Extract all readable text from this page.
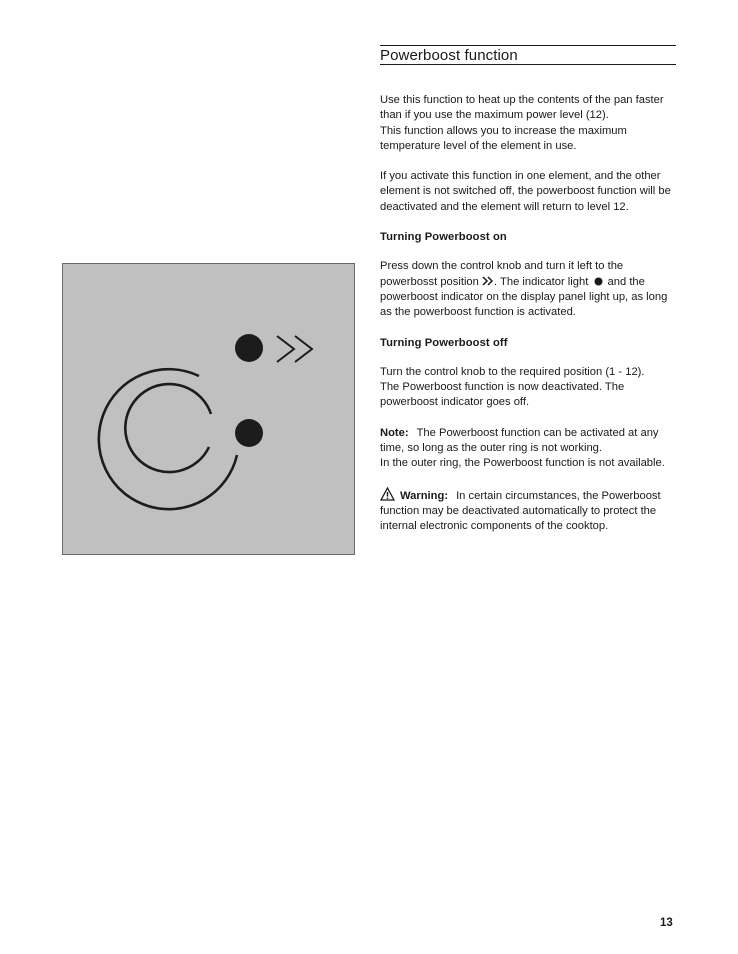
Powerboost function

Use this function to heat up the contents of the pan faster than if you use the maximum power level (12).

This function allows you to increase the maximum temperature level of the element in use.

If you activate this function in one element, and the other element is not switched off, the powerboost function will be deactivated and the element will return to level 12.

Turning Powerboost on

Press down the control knob and turn it left to the powerbosst position . The indicator light  and the powerboost indicator on the display panel light up, as long as the powerboost function is activated.

Turning Powerboost off

Turn the control knob to the required position (1 - 12).

The Powerboost function is now deactivated. The powerboost indicator goes off.

Note: The Powerboost function can be activated at any time, so long as the outer ring is not working.

In the outer ring, the Powerboost function is not available.

Warning: In certain circumstances, the Powerboost function may be deactivated automatically to protect the internal electronic components of the cooktop.

13
